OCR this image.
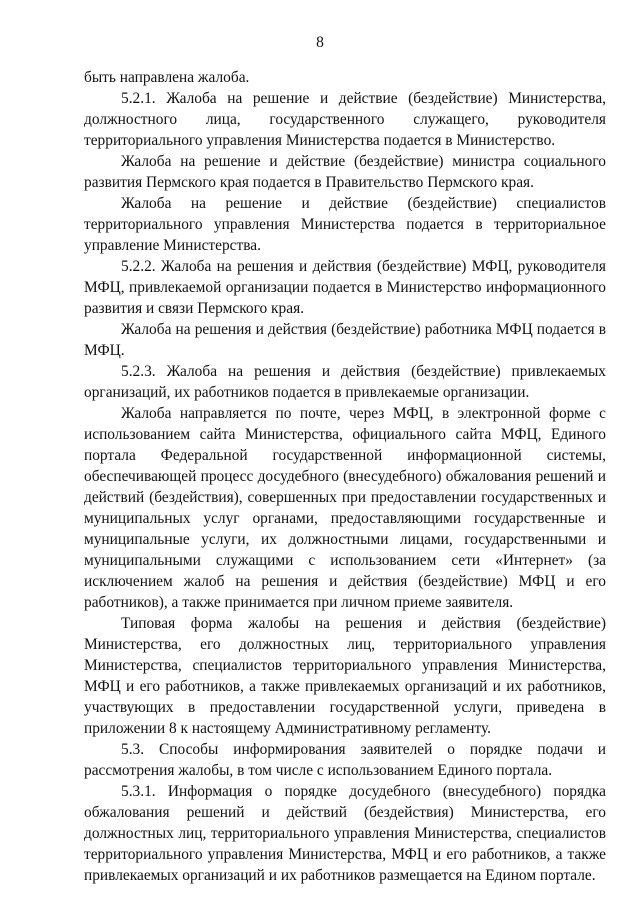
8

быть направлена жалоба.

5.2.1. Жалоба на решение и действие (бездействие) Министерства, должностного лица, государственного служащего, руководителя территориального управления Министерства подается в Министерство.

Жалоба на решение и действие (бездействие) министра социального развития Пермского края подается в Правительство Пермского края.

Жалоба на решение и действие (бездействие) специалистов территориального управления Министерства подается в территориальное управление Министерства.

5.2.2. Жалоба на решения и действия (бездействие) МФЦ, руководителя МФЦ, привлекаемой организации подается в Министерство информационного развития и связи Пермского края.

Жалоба на решения и действия (бездействие) работника МФЦ подается в МФЦ.

5.2.3. Жалоба на решения и действия (бездействие) привлекаемых организаций, их работников подается в привлекаемые организации.

Жалоба направляется по почте, через МФЦ, в электронной форме с использованием сайта Министерства, официального сайта МФЦ, Единого портала Федеральной государственной информационной системы, обеспечивающей процесс досудебного (внесудебного) обжалования решений и действий (бездействия), совершенных при предоставлении государственных и муниципальных услуг органами, предоставляющими государственные и муниципальные услуги, их должностными лицами, государственными и муниципальными служащими с использованием сети «Интернет» (за исключением жалоб на решения и действия (бездействие) МФЦ и его работников), а также принимается при личном приеме заявителя.

Типовая форма жалобы на решения и действия (бездействие) Министерства, его должностных лиц, территориального управления Министерства, специалистов территориального управления Министерства, МФЦ и его работников, а также привлекаемых организаций и их работников, участвующих в предоставлении государственной услуги, приведена в приложении 8 к настоящему Административному регламенту.

5.3. Способы информирования заявителей о порядке подачи и рассмотрения жалобы, в том числе с использованием Единого портала.

5.3.1. Информация о порядке досудебного (внесудебного) порядка обжалования решений и действий (бездействия) Министерства, его должностных лиц, территориального управления Министерства, специалистов территориального управления Министерства, МФЦ и его работников, а также привлекаемых организаций и их работников размещается на Едином портале.
